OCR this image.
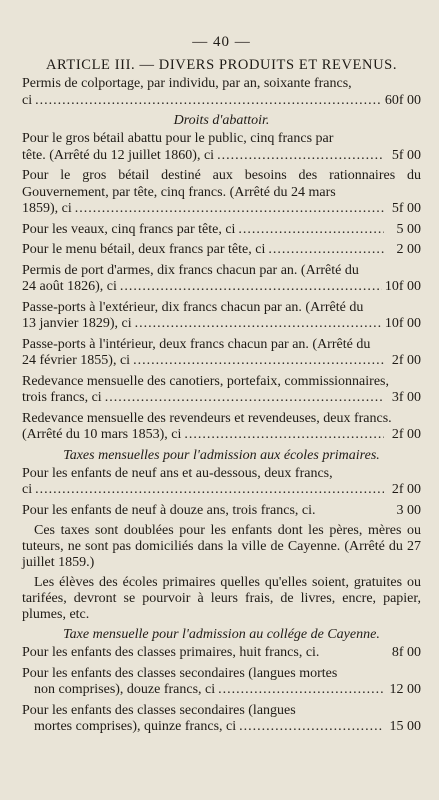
— 40 —
ARTICLE III. — DIVERS PRODUITS ET REVENUS.
Permis de colportage, par individu, par an, soixante francs,
ci .....	60f 00
Droits d'abattoir.
Pour le gros bétail abattu pour le public, cinq francs par
tête. (Arrêté du 12 juillet 1860), ci .....	5f 00
Pour le gros bétail destiné aux besoins des rationnaires du Gouvernement, par tête, cinq francs. (Arrêté du 24 mars
1859), ci .....	5f 00
Pour les veaux, cinq francs par tête, ci .....	5 00
Pour le menu bétail, deux francs par tête, ci .....	2 00
Permis de port d'armes, dix francs chacun par an. (Arrêté du
24 août 1826), ci .....	10f 00
Passe-ports à l'extérieur, dix francs chacun par an. (Arrêté du
13 janvier 1829), ci .....	10f 00
Passe-ports à l'intérieur, deux francs chacun par an. (Arrêté du
24 février 1855), ci .....	2f 00
Redevance mensuelle des canotiers, portefaix, commissionnaires,
trois francs, ci .....	3f 00
Redevance mensuelle des revendeurs et revendeuses, deux francs.
(Arrêté du 10 mars 1853), ci .....	2f 00
Taxes mensuelles pour l'admission aux écoles primaires.
Pour les enfants de neuf ans et au-dessous, deux francs,
ci .....	2f 00
Pour les enfants de neuf à douze ans, trois francs, ci.	3 00
Ces taxes sont doublées pour les enfants dont les pères, mères ou tuteurs, ne sont pas domiciliés dans la ville de Cayenne. (Arrêté du 27 juillet 1859.)
Les élèves des écoles primaires quelles qu'elles soient, gratuites ou tarifées, devront se pourvoir à leurs frais, de livres, encre, papier, plumes, etc.
Taxe mensuelle pour l'admission au collége de Cayenne.
Pour les enfants des classes primaires, huit francs, ci.	8f 00
Pour les enfants des classes secondaires (langues mortes
non comprises), douze francs, ci .....	12 00
Pour les enfants des classes secondaires (langues
mortes comprises), quinze francs, ci .....	15 00
